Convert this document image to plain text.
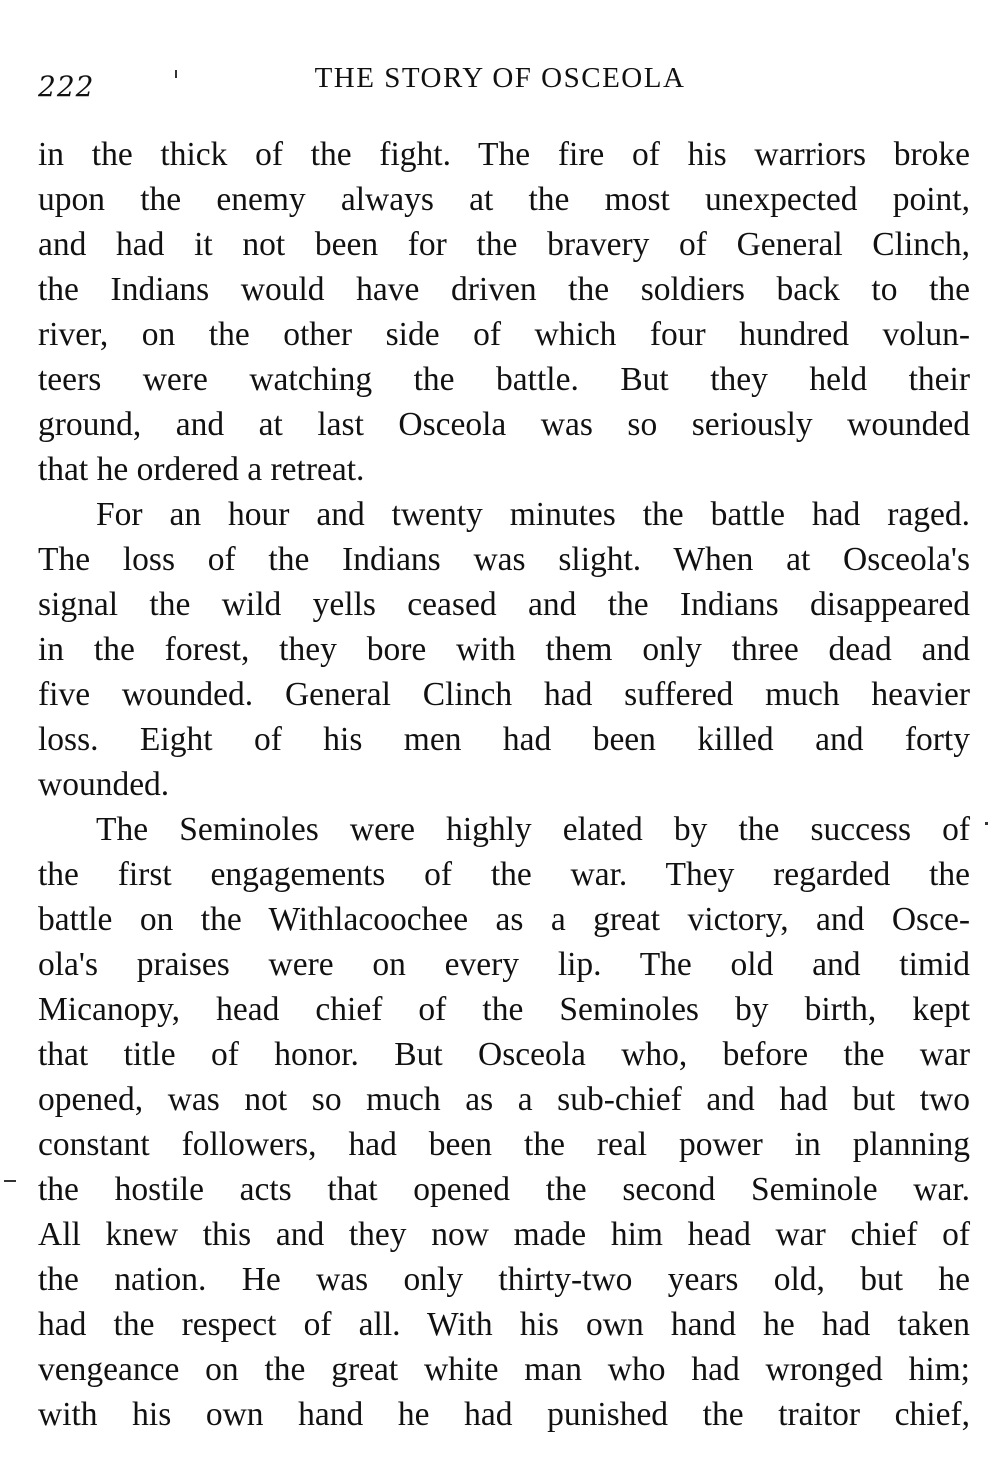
222	THE STORY OF OSCEOLA
in the thick of the fight. The fire of his warriors broke
upon the enemy always at the most unexpected point,
and had it not been for the bravery of General Clinch,
the Indians would have driven the soldiers back to the
river, on the other side of which four hundred volun-
teers were watching the battle. But they held their
ground, and at last Osceola was so seriously wounded
that he ordered a retreat.
For an hour and twenty minutes the battle had raged.
The loss of the Indians was slight. When at Osceola's
signal the wild yells ceased and the Indians disappeared
in the forest, they bore with them only three dead and
five wounded. General Clinch had suffered much heavier
loss. Eight of his men had been killed and forty
wounded.
The Seminoles were highly elated by the success of
the first engagements of the war. They regarded the
battle on the Withlacoochee as a great victory, and Osce-
ola's praises were on every lip. The old and timid
Micanopy, head chief of the Seminoles by birth, kept
that title of honor. But Osceola who, before the war
opened, was not so much as a sub-chief and had but two
constant followers, had been the real power in planning
the hostile acts that opened the second Seminole war.
All knew this and they now made him head war chief of
the nation. He was only thirty-two years old, but he
had the respect of all. With his own hand he had taken
vengeance on the great white man who had wronged him;
with his own hand he had punished the traitor chief,
